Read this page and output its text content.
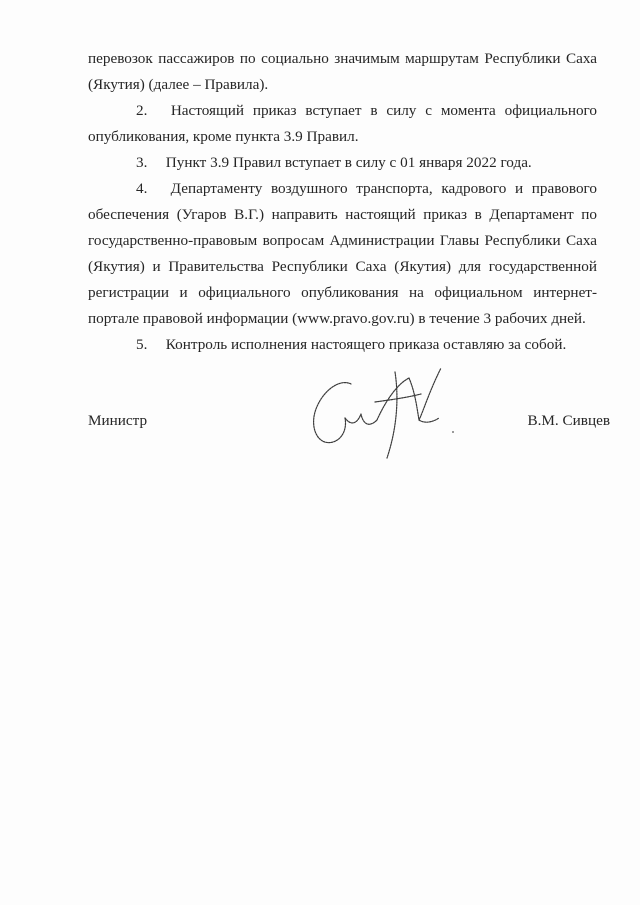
перевозок пассажиров по социально значимым маршрутам Республики Саха
(Якутия) (далее – Правила).

2. Настоящий приказ вступает в силу с момента официального опубликования, кроме пункта 3.9 Правил.

3. Пункт 3.9 Правил вступает в силу с 01 января 2022 года.

4. Департаменту воздушного транспорта, кадрового и правового обеспечения (Угаров В.Г.) направить настоящий приказ в Департамент по государственно-правовым вопросам Администрации Главы Республики Саха (Якутия) и Правительства Республики Саха (Якутия) для государственной регистрации и официального опубликования на официальном интернет-портале правовой информации (www.pravo.gov.ru) в течение 3 рабочих дней.

5. Контроль исполнения настоящего приказа оставляю за собой.

Министр	В.М. Сивцев
